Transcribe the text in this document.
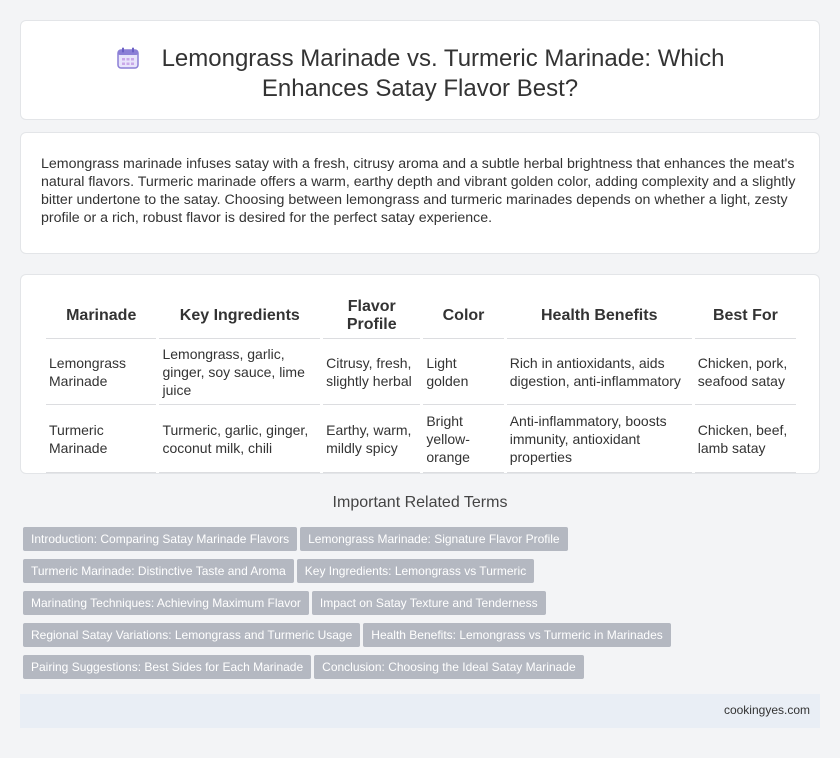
Lemongrass Marinade vs. Turmeric Marinade: Which Enhances Satay Flavor Best?

Lemongrass marinade infuses satay with a fresh, citrusy aroma and a subtle herbal brightness that enhances the meat's natural flavors. Turmeric marinade offers a warm, earthy depth and vibrant golden color, adding complexity and a slightly bitter undertone to the satay. Choosing between lemongrass and turmeric marinades depends on whether a light, zesty profile or a rich, robust flavor is desired for the perfect satay experience.

Marinade	Key Ingredients	Flavor Profile	Color	Health Benefits	Best For
Lemongrass Marinade	Lemongrass, garlic, ginger, soy sauce, lime juice	Citrusy, fresh, slightly herbal	Light golden	Rich in antioxidants, aids digestion, anti-inflammatory	Chicken, pork, seafood satay
Turmeric Marinade	Turmeric, garlic, ginger, coconut milk, chili	Earthy, warm, mildly spicy	Bright yellow-orange	Anti-inflammatory, boosts immunity, antioxidant properties	Chicken, beef, lamb satay
Important Related Terms
Introduction: Comparing Satay Marinade Flavors Lemongrass Marinade: Signature Flavor Profile
Turmeric Marinade: Distinctive Taste and Aroma Key Ingredients: Lemongrass vs Turmeric
Marinating Techniques: Achieving Maximum Flavor Impact on Satay Texture and Tenderness
Regional Satay Variations: Lemongrass and Turmeric Usage Health Benefits: Lemongrass vs Turmeric in Marinades
Pairing Suggestions: Best Sides for Each Marinade Conclusion: Choosing the Ideal Satay Marinade
cookingyes.com
